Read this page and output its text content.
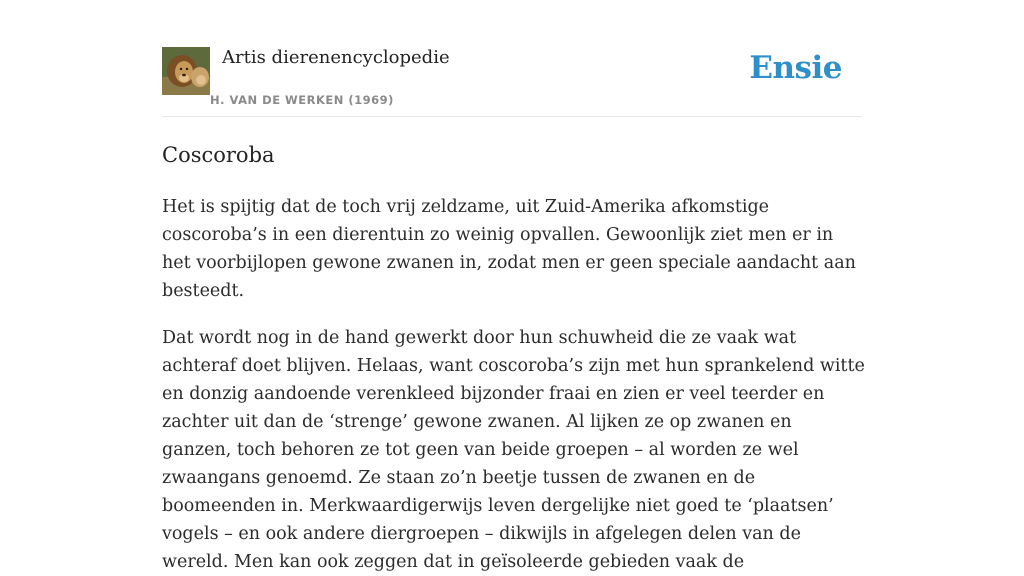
Artis dierenencyclopedie
H. VAN DE WERKEN (1969)
Ensie
Coscoroba

Het is spijtig dat de toch vrij zeldzame, uit Zuid-Amerika afkomstige coscoroba’s in een dierentuin zo weinig opvallen. Gewoonlijk ziet men er in het voorbijlopen gewone zwanen in, zodat men er geen speciale aandacht aan besteedt.

Dat wordt nog in de hand gewerkt door hun schuwheid die ze vaak wat achteraf doet blijven. Helaas, want coscoroba’s zijn met hun sprankelend witte en donzig aandoende verenkleed bijzonder fraai en zien er veel teerder en zachter uit dan de ‘strenge’ gewone zwanen. Al lijken ze op zwanen en ganzen, toch behoren ze tot geen van beide groepen – al worden ze wel zwaangans genoemd. Ze staan zo’n beetje tussen de zwanen en de boomeenden in. Merkwaardigerwijs leven dergelijke niet goed te ‘plaatsen’ vogels – en ook andere diergroepen – dikwijls in afgelegen delen van de wereld. Men kan ook zeggen dat in geïsoleerde gebieden vaak de
